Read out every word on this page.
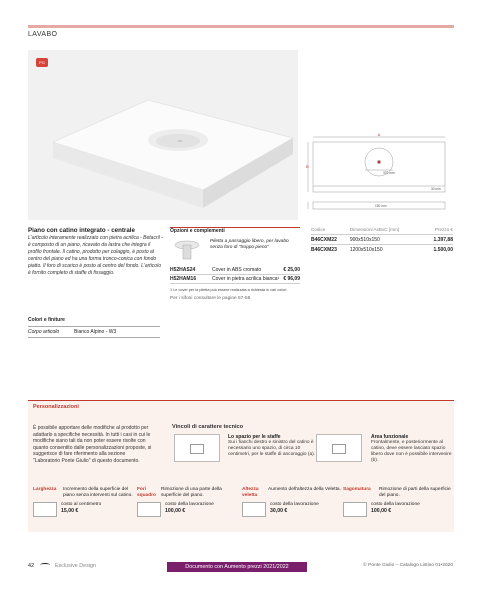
LAVABO
PG
A
B
370 mm
30 mm
150 mm
Piano con catino integrato - centrale
L'articolo interamente realizzato con pietra acrilica - Betacril - è composto di un piano, ricavato da lastra che integra il profilo frontale. Il catino, prodotto per colaggio, è posto al centro del piano ed ha una forma tronco-conica con fondo piatto. Il foro di scarico è posto al centro del fondo. L'articolo è fornito completo di staffe di fissaggio.
Opzioni e complementi
Piletta a passaggio libero, per lavabo senza foro di "troppo pieno"
H52HAS24	Cover in ABS cromato	€ 25,00
H52HAM16	Cover in pietra acrilica bianca¹	€ 96,09
1 Le cover per la piletta può essere realizzata a richiesta in vari colori.
Per i sifoni consultare le pagine 57-58
Codice	Dimensioni AxBxC [mm]	Prezzo €
B46CXM22	900x510x150	1.397,88
B46CXM23	1200x510x150	1.500,00
Colori e finiture
Corpo articolo	Bianco Alpino - W3
Personalizzazioni
È possibile apportare delle modifiche al prodotto per adattarlo a specifiche necessità. In tutti i casi in cui le modifiche siano tali da non poter essere risolte con quanto consentito dalle personalizzazioni proposte, si suggerisce di fare riferimento alla sezione "Laboratorio Ponte Giulio" di questo documento.
Vincoli di carattere tecnico
Lo spazio per le staffe
Sui i fianchi destro e sinistro del catino è necessario uno spazio, di circa 10 centimetri, per le staffe di ancoraggio (a).
Area funzionale
Frontalmente, e posteriormente al catino, deve essere lasciato spazio libero dove non è possibile intervenire (b).
Larghezza	Incremento della superficie del piano senza interventi sul catino.
costo al centimetro
15,00 €
Fori squadro
Rimozione di una parte della superficie del piano.
costo della lavorazione
100,00 €
Altezza veletta
Aumento dell'altezza della Veletta.
costo della lavorazione
30,00 €
Sagomatura	Rimozione di parti della superficie del piano.
costo della lavorazione
100,00 €
42	Exclusive Design	Documento con Aumento prezzi 2021/2022	© Ponte Giulio – Catalogo Listino 01•2020
